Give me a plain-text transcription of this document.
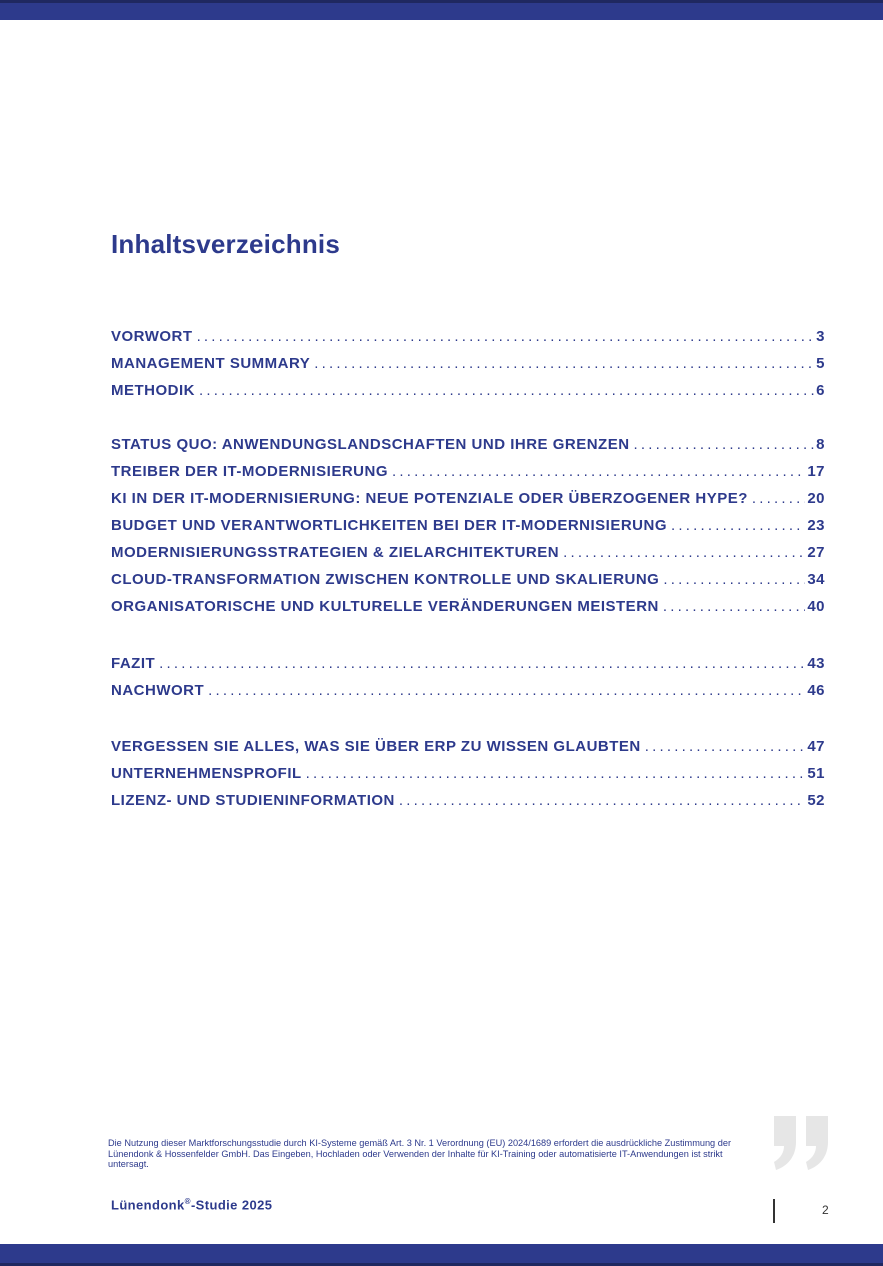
Inhaltsverzeichnis
VORWORT .....	3
MANAGEMENT SUMMARY .....	5
METHODIK .....	6
STATUS QUO: ANWENDUNGSLANDSCHAFTEN UND IHRE GRENZEN .....	8
TREIBER DER IT-MODERNISIERUNG .....	17
KI IN DER IT-MODERNISIERUNG: NEUE POTENZIALE ODER ÜBERZOGENER HYPE? .....	20
BUDGET UND VERANTWORTLICHKEITEN BEI DER IT-MODERNISIERUNG .....	23
MODERNISIERUNGSSTRATEGIEN & ZIELARCHITEKTUREN .....	27
CLOUD-TRANSFORMATION ZWISCHEN KONTROLLE UND SKALIERUNG .....	34
ORGANISATORISCHE UND KULTURELLE VERÄNDERUNGEN MEISTERN .....	40
FAZIT .....	43
NACHWORT .....	46
VERGESSEN SIE ALLES, WAS SIE ÜBER ERP ZU WISSEN GLAUBTEN .....	47
UNTERNEHMENSPROFIL .....	51
LIZENZ- UND STUDIENINFORMATION .....	52

Die Nutzung dieser Marktforschungsstudie durch KI-Systeme gemäß Art. 3 Nr. 1 Verordnung (EU) 2024/1689 erfordert die ausdrückliche Zustimmung der Lünendonk & Hossenfelder GmbH. Das Eingeben, Hochladen oder Verwenden der Inhalte für KI-Training oder automatisierte IT-Anwendungen ist strikt untersagt.

Lünendonk®-Studie 2025	2
